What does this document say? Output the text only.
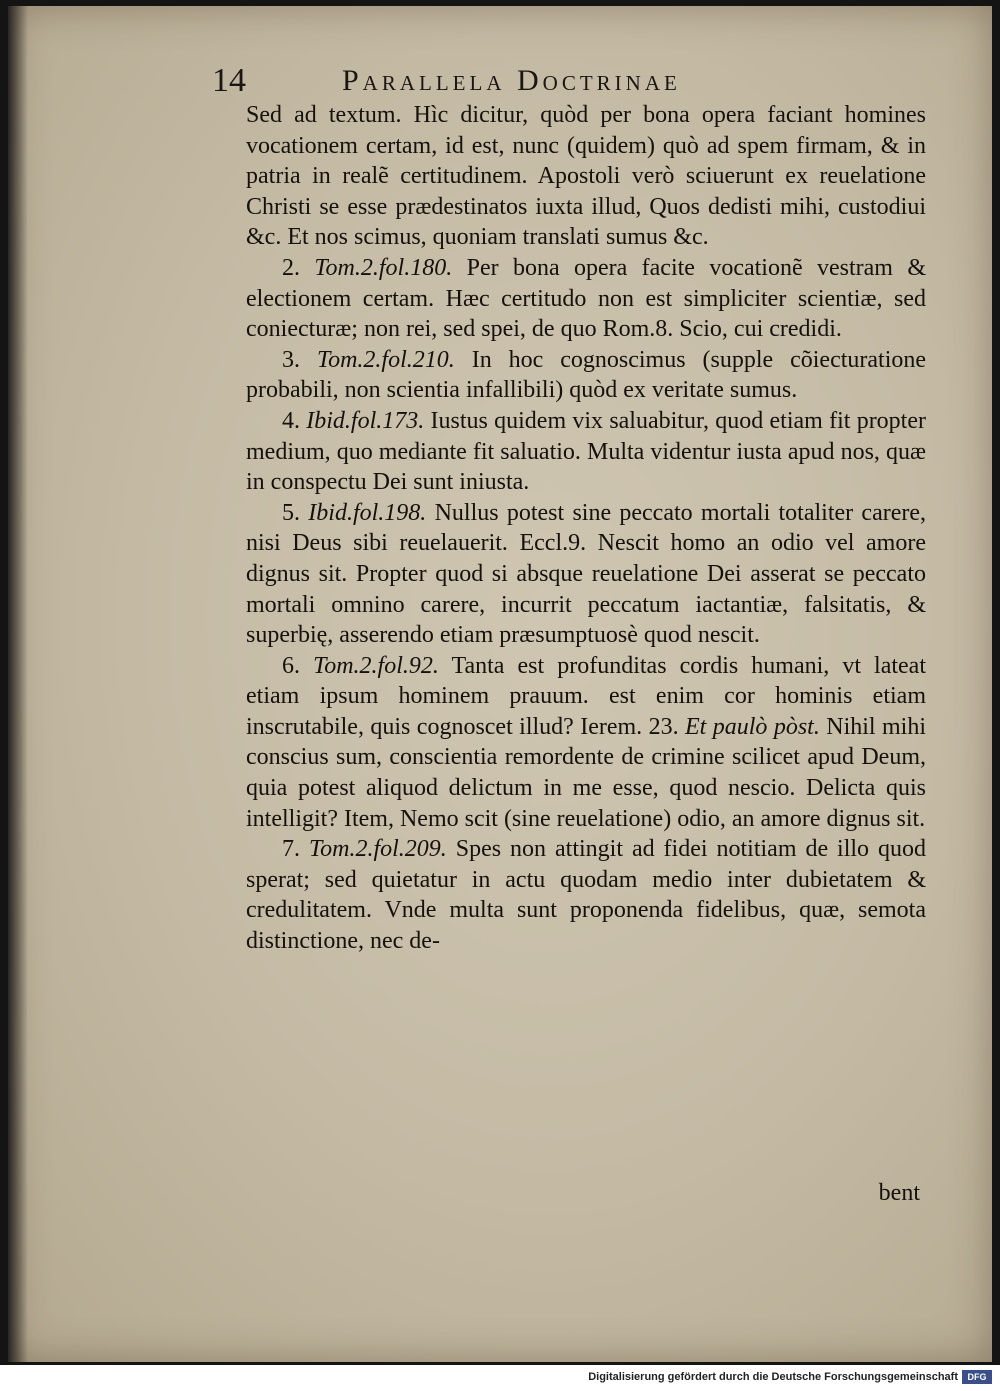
14	Parallela Doctrinae

Sed ad textum. Hìc dicitur, quòd per bona opera faciant homines vocationem certam, id est, nunc (quidem) quò ad spem firmam, & in patria in realẽ certitudinem. Apostoli verò sciuerunt ex reuelatione Christi se esse prædestinatos iuxta illud, Quos dedisti mihi, custodiui &c. Et nos scimus, quoniam translati sumus &c.

2. Tom.2.fol.180. Per bona opera facite vocationẽ vestram & electionem certam. Hæc certitudo non est simpliciter scientiæ, sed coniecturæ; non rei, sed spei, de quo Rom.8. Scio, cui credidi.

3. Tom.2.fol.210. In hoc cognoscimus (supple cõiecturatione probabili, non scientia infallibili) quòd ex veritate sumus.

4. Ibid.fol.173. Iustus quidem vix saluabitur, quod etiam fit propter medium, quo mediante fit saluatio. Multa videntur iusta apud nos, quæ in conspectu Dei sunt iniusta.

5. Ibid.fol.198. Nullus potest sine peccato mortali totaliter carere, nisi Deus sibi reuelauerit. Eccl.9. Nescit homo an odio vel amore dignus sit. Propter quod si absque reuelatione Dei asserat se peccato mortali omnino carere, incurrit peccatum iactantiæ, falsitatis, & superbię, asserendo etiam præsumptuosè quod nescit.

6. Tom.2.fol.92. Tanta est profunditas cordis humani, vt lateat etiam ipsum hominem prauum. est enim cor hominis etiam inscrutabile, quis cognoscet illud? Ierem. 23. Et paulò pòst. Nihil mihi conscius sum, conscientia remordente de crimine scilicet apud Deum, quia potest aliquod delictum in me esse, quod nescio. Delicta quis intelligit? Item, Nemo scit (sine reuelatione) odio, an amore dignus sit.

7. Tom.2.fol.209. Spes non attingit ad fidei notitiam de illo quod sperat; sed quietatur in actu quodam medio inter dubietatem & credulitatem. Vnde multa sunt proponenda fidelibus, quæ, semota distinctione, nec de-

bent
Digitalisierung gefördert durch die Deutsche Forschungsgemeinschaft	DFG
